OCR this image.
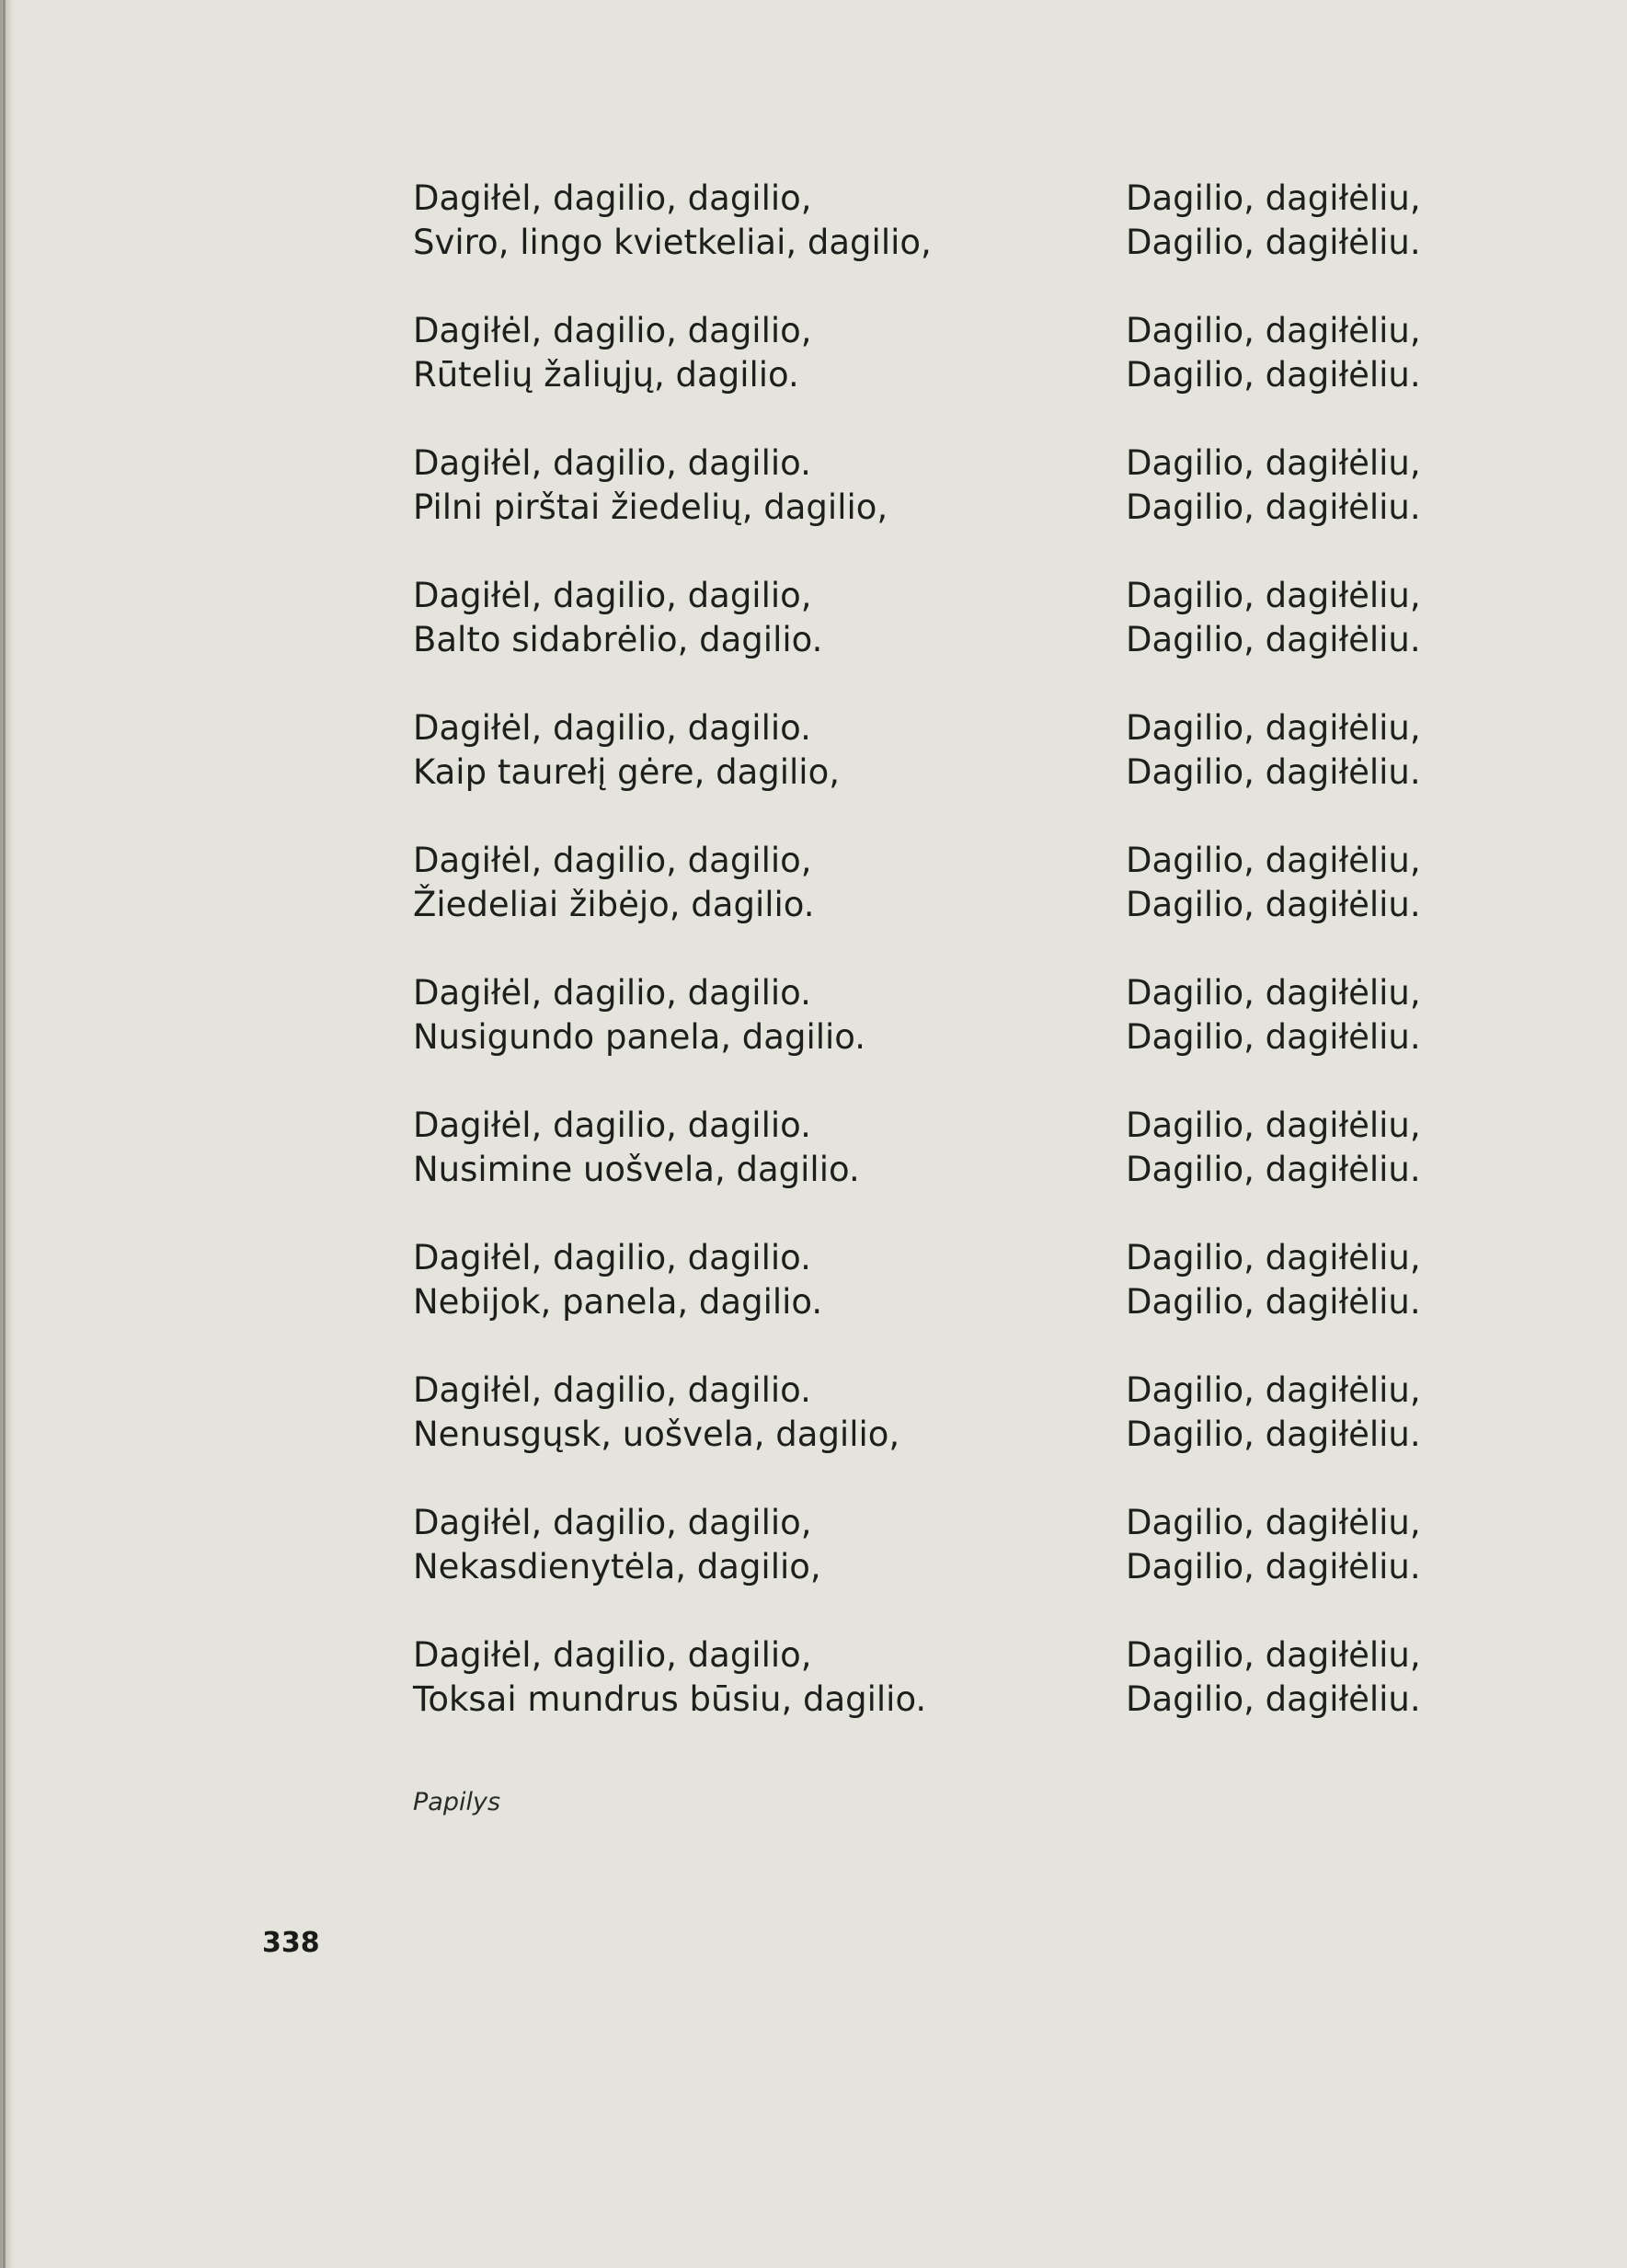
Dagiłėl, dagilio, dagilio,
Sviro, lingo kvietkeliai, dagilio,
Dagilio, dagiłėliu,
Dagilio, dagiłėliu.
Dagiłėl, dagilio, dagilio,
Rūtelių žaliųjų, dagilio.
Dagilio, dagiłėliu,
Dagilio, dagiłėliu.
Dagiłėl, dagilio, dagilio.
Pilni pirštai žiedelių, dagilio,
Dagilio, dagiłėliu,
Dagilio, dagiłėliu.
Dagiłėl, dagilio, dagilio,
Balto sidabrėlio, dagilio.
Dagilio, dagiłėliu,
Dagilio, dagiłėliu.
Dagiłėl, dagilio, dagilio.
Kaip taurełį gėre, dagilio,
Dagilio, dagiłėliu,
Dagilio, dagiłėliu.
Dagiłėl, dagilio, dagilio,
Žiedeliai žibėjo, dagilio.
Dagilio, dagiłėliu,
Dagilio, dagiłėliu.
Dagiłėl, dagilio, dagilio.
Nusigundo panela, dagilio.
Dagilio, dagiłėliu,
Dagilio, dagiłėliu.
Dagiłėl, dagilio, dagilio.
Nusimine uošvela, dagilio.
Dagilio, dagiłėliu,
Dagilio, dagiłėliu.
Dagiłėl, dagilio, dagilio.
Nebijok, panela, dagilio.
Dagilio, dagiłėliu,
Dagilio, dagiłėliu.
Dagiłėl, dagilio, dagilio.
Nenusgųsk, uošvela, dagilio,
Dagilio, dagiłėliu,
Dagilio, dagiłėliu.
Dagiłėl, dagilio, dagilio,
Nekasdienytėla, dagilio,
Dagilio, dagiłėliu,
Dagilio, dagiłėliu.
Dagiłėl, dagilio, dagilio,
Toksai mundrus būsiu, dagilio.
Dagilio, dagiłėliu,
Dagilio, dagiłėliu.
Papilys
338
